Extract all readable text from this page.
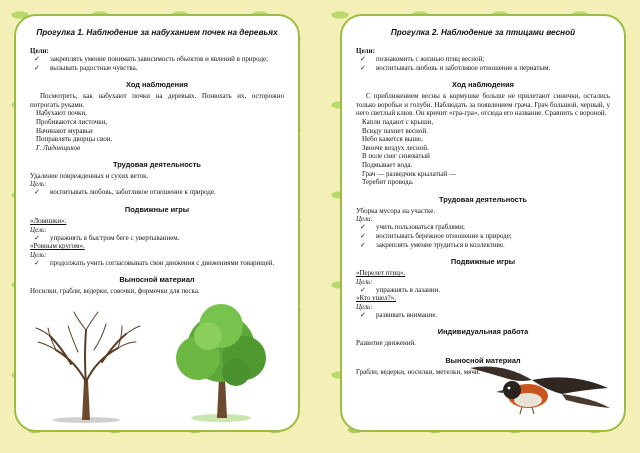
Прогулка 1. Наблюдение за набуханием почек на деревьях
Цели:
✓ закреплять умение понимать зависимость объектов и явлений в природе;
✓ вызывать радостные чувства.
Ход наблюдения
Посмотреть, как набухают почки на деревьях. Понюхать их, осторожно потрогать руками.
Набухают почки,
Пробиваются листочки,
Начинают муравьи
Поправлять дворцы свои.
Г. Ладонщиков
Трудовая деятельность
Удаление поврежденных и сухих веток.
Цель:
✓ воспитывать любовь, заботливое отношение к природе.
Подвижные игры
«Ловишки».
Цель:
✓ упражнять в быстром беге с увертыванием.
«Ровным кругом».
Цель:
✓ продолжать учить согласовывать свои движения с движениями товарищей.
Выносной материал
Носилки, грабли, ведерки, совочки, формочки для песка.
Прогулка 2. Наблюдение за птицами весной
Цели:
✓ познакомить с жизнью птиц весной;
✓ воспитывать любовь и заботливое отношение к пернатым.
Ход наблюдения
С приближением весны к кормушке больше не прилетают синички, остались только воробьи и голуби. Наблюдать за появлением грача. Грач большой, черный, у него светлый клюв. Он кричит «гра-гра», отсюда его название. Сравнить с вороной.
Капли падают с крыши,
Всюду пахнет весной.
Небо кажется выше,
Звонче воздух лесной.
В поле снег синеватый
Подмывает вода.
Грач — разведчик крылатый —
Теребит провода.
Трудовая деятельность
Уборка мусора на участке.
Цели:
✓ учить пользоваться граблями;
✓ воспитывать бережное отношение к природе;
✓ закреплять умение трудиться в коллективе.
Подвижные игры
«Перелет птиц».
Цель:
✓ упражнять в лазании.
«Кто ушел?».
Цель:
✓ развивать внимание.
Индивидуальная работа
Развитие движений.
Выносной материал
Грабли, ведерки, носилки, метелки, мячи.
